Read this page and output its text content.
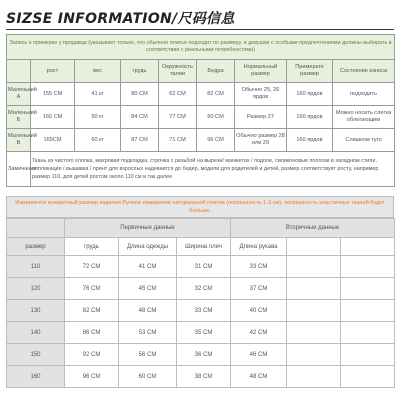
SIZSE INFORMATION/尺码信息
Запись о примерке у продавца (указывает только, что обычное платье подходит по размеру, и девушки с особыми предпочтениями должны выбирать в соответствии с реальными потребностями)								
	рост	вес	грудь	Окружность талии	Бедра	Нормальный размер	Примерьте размер	Состояние износа
Маленький А	155 CM	41 кг	80 CM	62 CM	82 CM	Обычно 25, 26 ярдов	160 ярдов	подходить
Маленький Б	160 CM	50 кг	84 CM	77 CM	90 CM	Размер 27	160 ярдов	Можно носить слегка облегающим
Маленький В	165CM	60 кг	87 CM	71 CM	96 CM	Обычно размер 28 или 29	160 ярдов	Слишком туго
Замечания	Ткань из чистого хлопка, махровая подкладка, строчка с резьбой на вырезе/ манжетах / подоле, силиконовые полоски в западном стиле, аппликация / вышивка / принт для взрослых надевается до бедер, модели для родителей и детей, размер соответствует росту, например размер 110, для детей ростом около 110 см и так далее							
Измеряется конкретный размер изделия Ручное измерение натуральной плитки (погрешность 1-3 см), погрешность эластичных тканей будет больше.
	Первичные данные			Вторичные данные		
размер	грудь	Длина одежды	Ширина плеч	Длина рукава		
110	72 CM	41 CM	31 CM	33 CM		
120	76 CM	45 CM	32 CM	37 CM		
130	82 CM	48 CM	33 CM	40 CM		
140	86 CM	53 CM	35 CM	42 CM		
150	92 CM	56 CM	36 CM	46 CM		
160	96 CM	60 CM	38 CM	48 CM		
